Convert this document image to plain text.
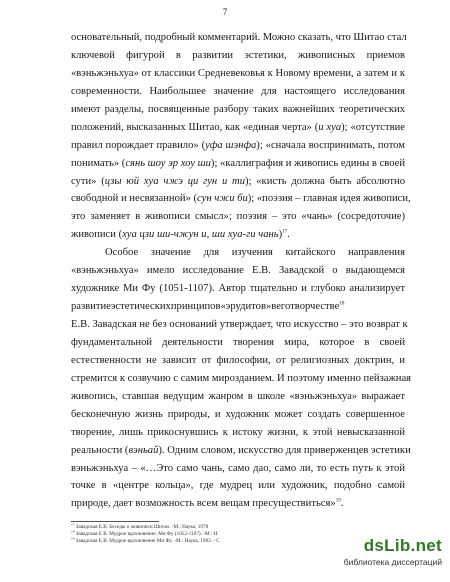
7
основательный, подробный комментарий. Можно сказать, что Шитао стал
ключевой фигурой в развитии эстетики, живописных приемов
«вэньжэньхуа» от классики Средневековья к Новому времени, а затем и к
современности. Наибольшее значение для настоящего исследования
имеют разделы, посвященные разбору таких важнейших теоретических
положений, высказанных Шитао, как «единая черта» (и хуа); «отсутствие
правил порождает правило» (уфа шэнфа); «сначала воспринимать, потом
понимать» (сянь шоу эр хоу ши); «каллиграфия и живопись едины в своей
сути» (цзы юй хуа чжэ ци гун и ти); «кисть должна быть абсолютно
свободной и несвязанной» (сун чжи би); «поэзия – главная идея живописи,
это заменяет в живописи смысл»; поэзия – это «чань» (сосредоточие)
живописи (хуа цзи ши-чжун и, ши хуа-ги чань)$^{17}$.
Особое значение для изучения китайского направления
«вэньжэньхуа» имело исследование Е.В. Завадской о выдающемся
художнике Ми Фу (1051-1107). Автор тщательно и глубоко анализирует
развитиеэстетическихпринципов«эрудитов»веготворчестве$^{18}$
Е.В. Завадская не без оснований утверждает, что искусство – это возврат к
фундаментальной деятельности творения мира, которое в своей
естественности не зависит от философии, от религиозных доктрин, и
стремится к созвучию с самим мирозданием. И поэтому именно пейзажная
живопись, ставшая ведущим жанром в школе «вэньжэньхуа» выражает
бесконечную жизнь природы, и художник может создать совершенное
творение, лишь прикоснувшись к истоку жизни, к этой невысказанной
реальности (вэньай). Одним словом, искусство для приверженцев эстетики
вэньжэньхуа – «…Это само чань, само дао, само ли, то есть путь к этой
точке в «центре кольца», где мудрец или художник, подобно самой
природе, дает возможность всем вещам пресуществиться»$^{19}$.
$^{17}$ Завадская Е.В. Беседы о живописи Шитао. -М.: Наука, 1978
$^{18}$ Завадская Е.В. Мудрое вдохновение: Ми Фу (1052-1107). -М.: Н
$^{19}$ Завадская Е.В. Мудрое вдохновение Ми Фу. -М.: Наука, 1983. - С	dsLib.net
библиотека диссертаций
